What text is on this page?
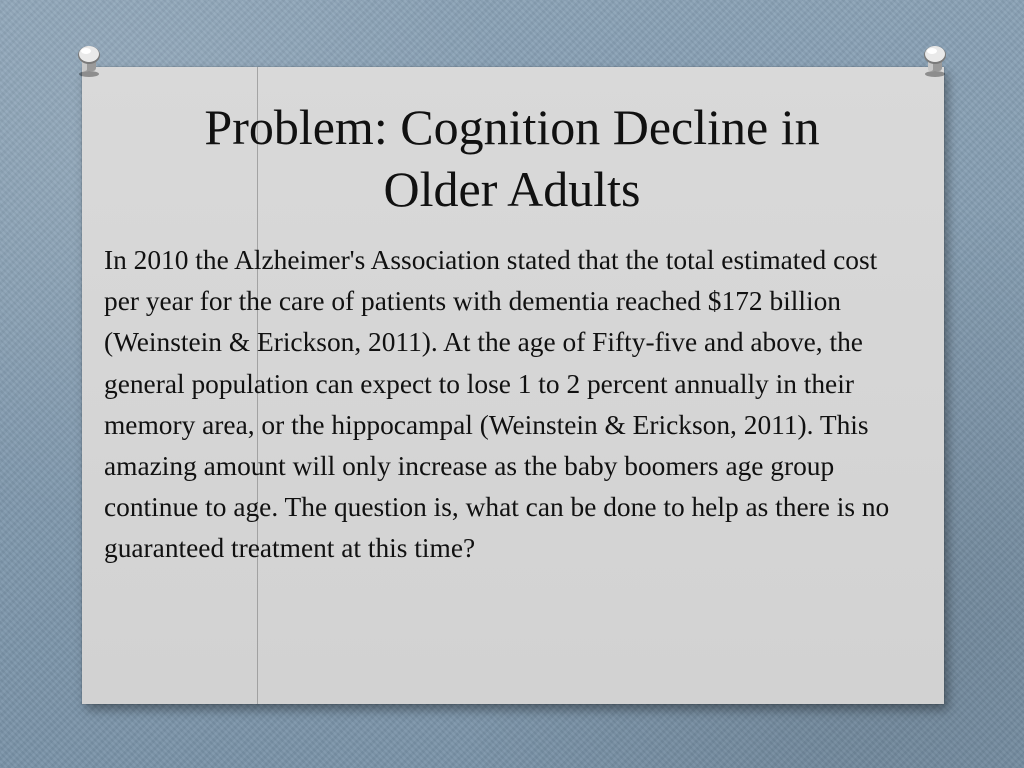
Problem: Cognition Decline in
Older Adults

In 2010 the Alzheimer's Association stated that the total estimated cost per year for the care of patients with dementia reached $172 billion (Weinstein & Erickson, 2011). At the age of Fifty-five and above, the general population can expect to lose 1 to 2 percent annually in their memory area, or the hippocampal (Weinstein & Erickson, 2011). This amazing amount will only increase as the baby boomers age group continue to age. The question is, what can be done to help as there is no guaranteed treatment at this time?
